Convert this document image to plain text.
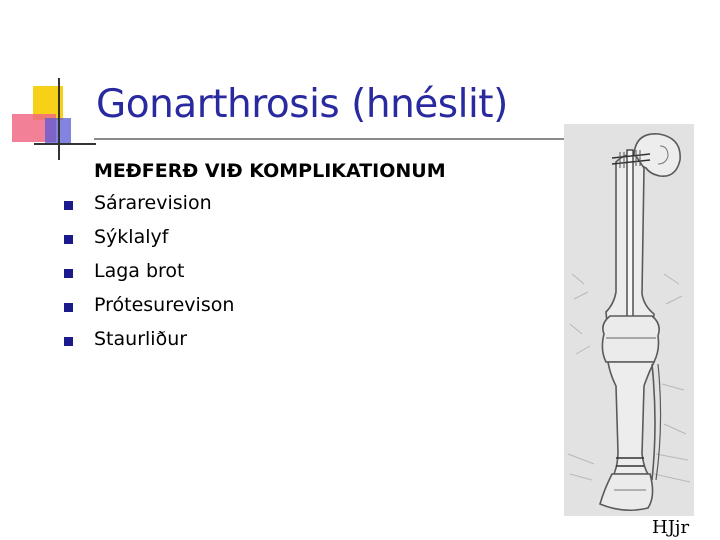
Gonarthrosis (hnéslit)
MEÐFERÐ VIÐ KOMPLIKATIONUM
Sárarevision
Sýklalyf
Laga brot
Prótesurevison
Staurliður
HJjr
